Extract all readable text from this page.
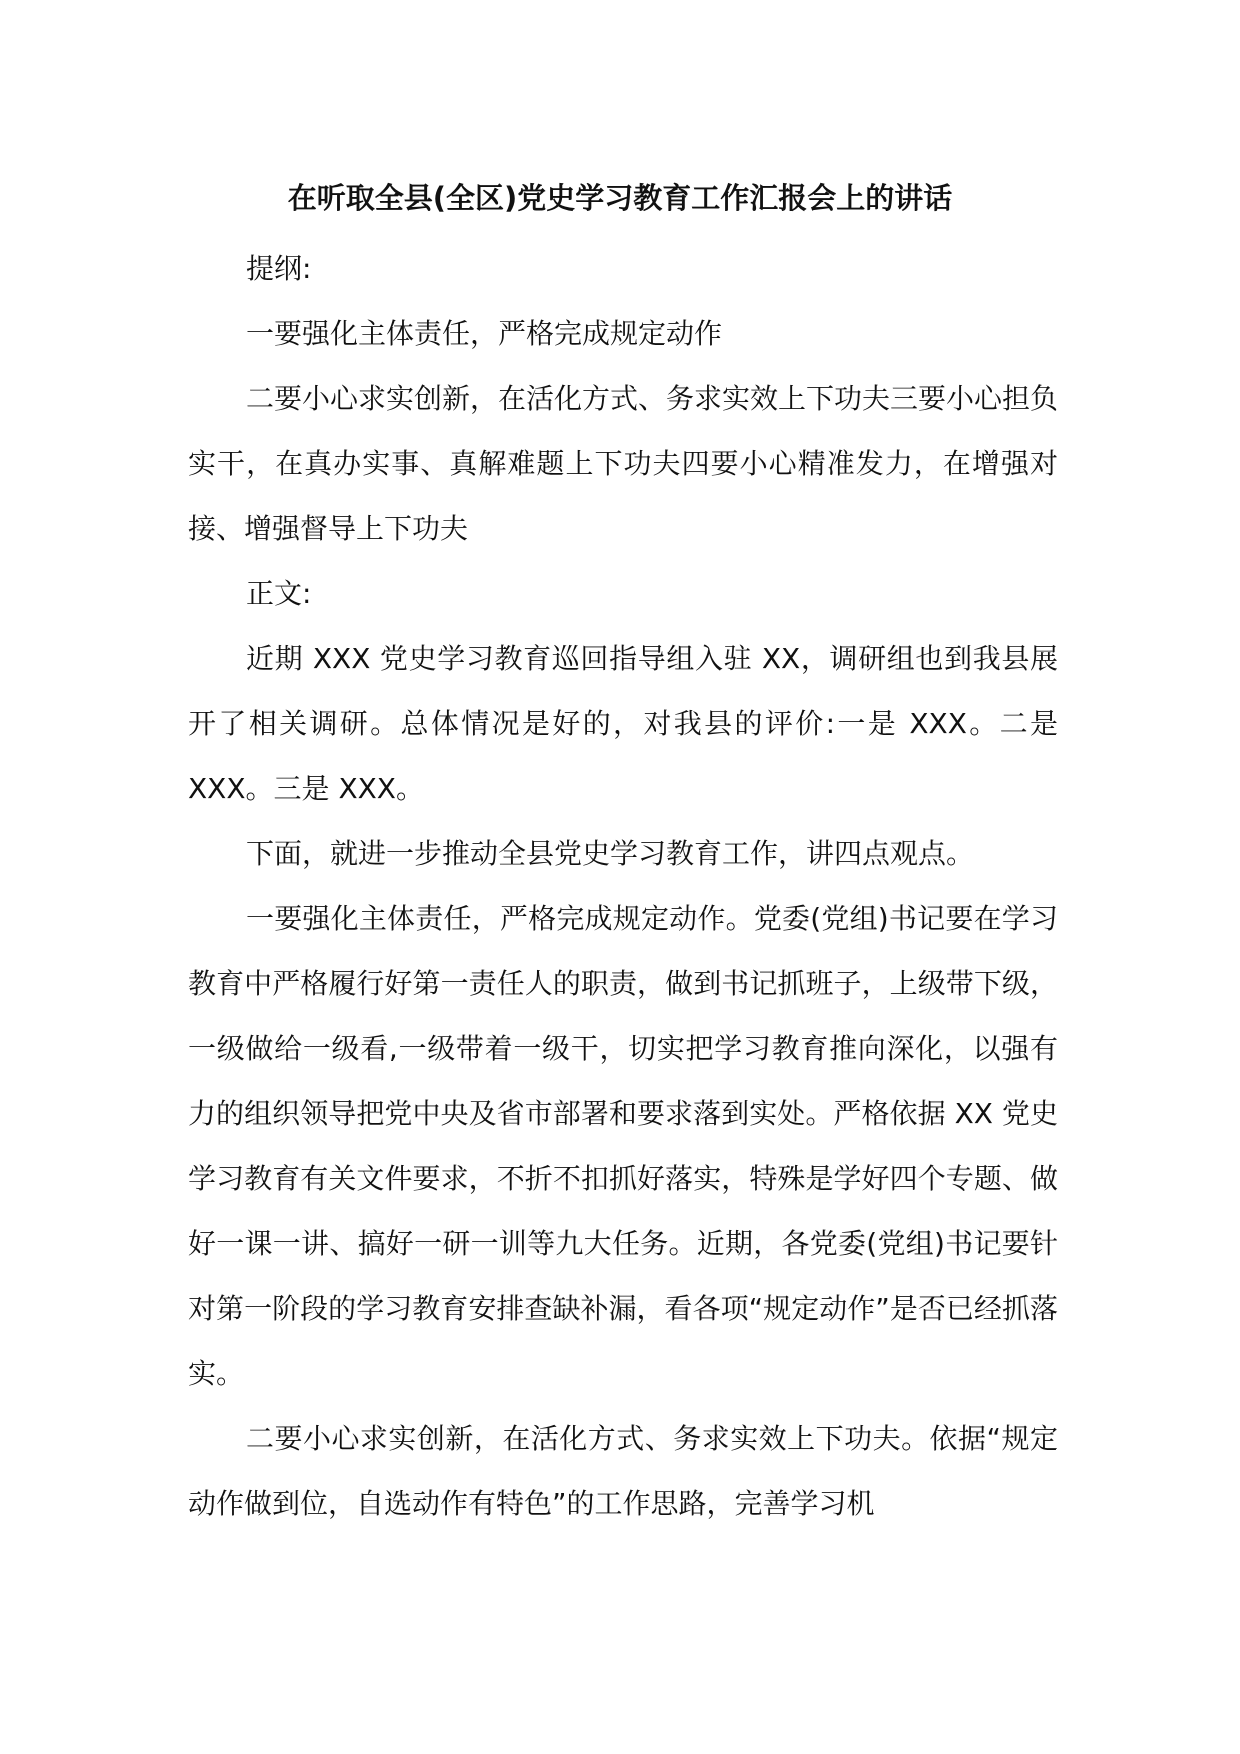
在听取全县(全区)党史学习教育工作汇报会上的讲话

提纲:

一要强化主体责任，严格完成规定动作

二要小心求实创新，在活化方式、务求实效上下功夫三要小心担负实干，在真办实事、真解难题上下功夫四要小心精准发力，在增强对接、增强督导上下功夫

正文:

近期 XXX 党史学习教育巡回指导组入驻 XX，调研组也到我县展开了相关调研。总体情况是好的，对我县的评价:一是 XXX。二是 XXX。三是 XXX。

下面，就进一步推动全县党史学习教育工作，讲四点观点。

一要强化主体责任，严格完成规定动作。党委(党组)书记要在学习教育中严格履行好第一责任人的职责，做到书记抓班子，上级带下级，一级做给一级看,一级带着一级干，切实把学习教育推向深化，以强有力的组织领导把党中央及省市部署和要求落到实处。严格依据 XX 党史学习教育有关文件要求，不折不扣抓好落实，特殊是学好四个专题、做好一课一讲、搞好一研一训等九大任务。近期，各党委(党组)书记要针对第一阶段的学习教育安排查缺补漏，看各项“规定动作”是否已经抓落实。

二要小心求实创新，在活化方式、务求实效上下功夫。依据“规定动作做到位，自选动作有特色”的工作思路，完善学习机
